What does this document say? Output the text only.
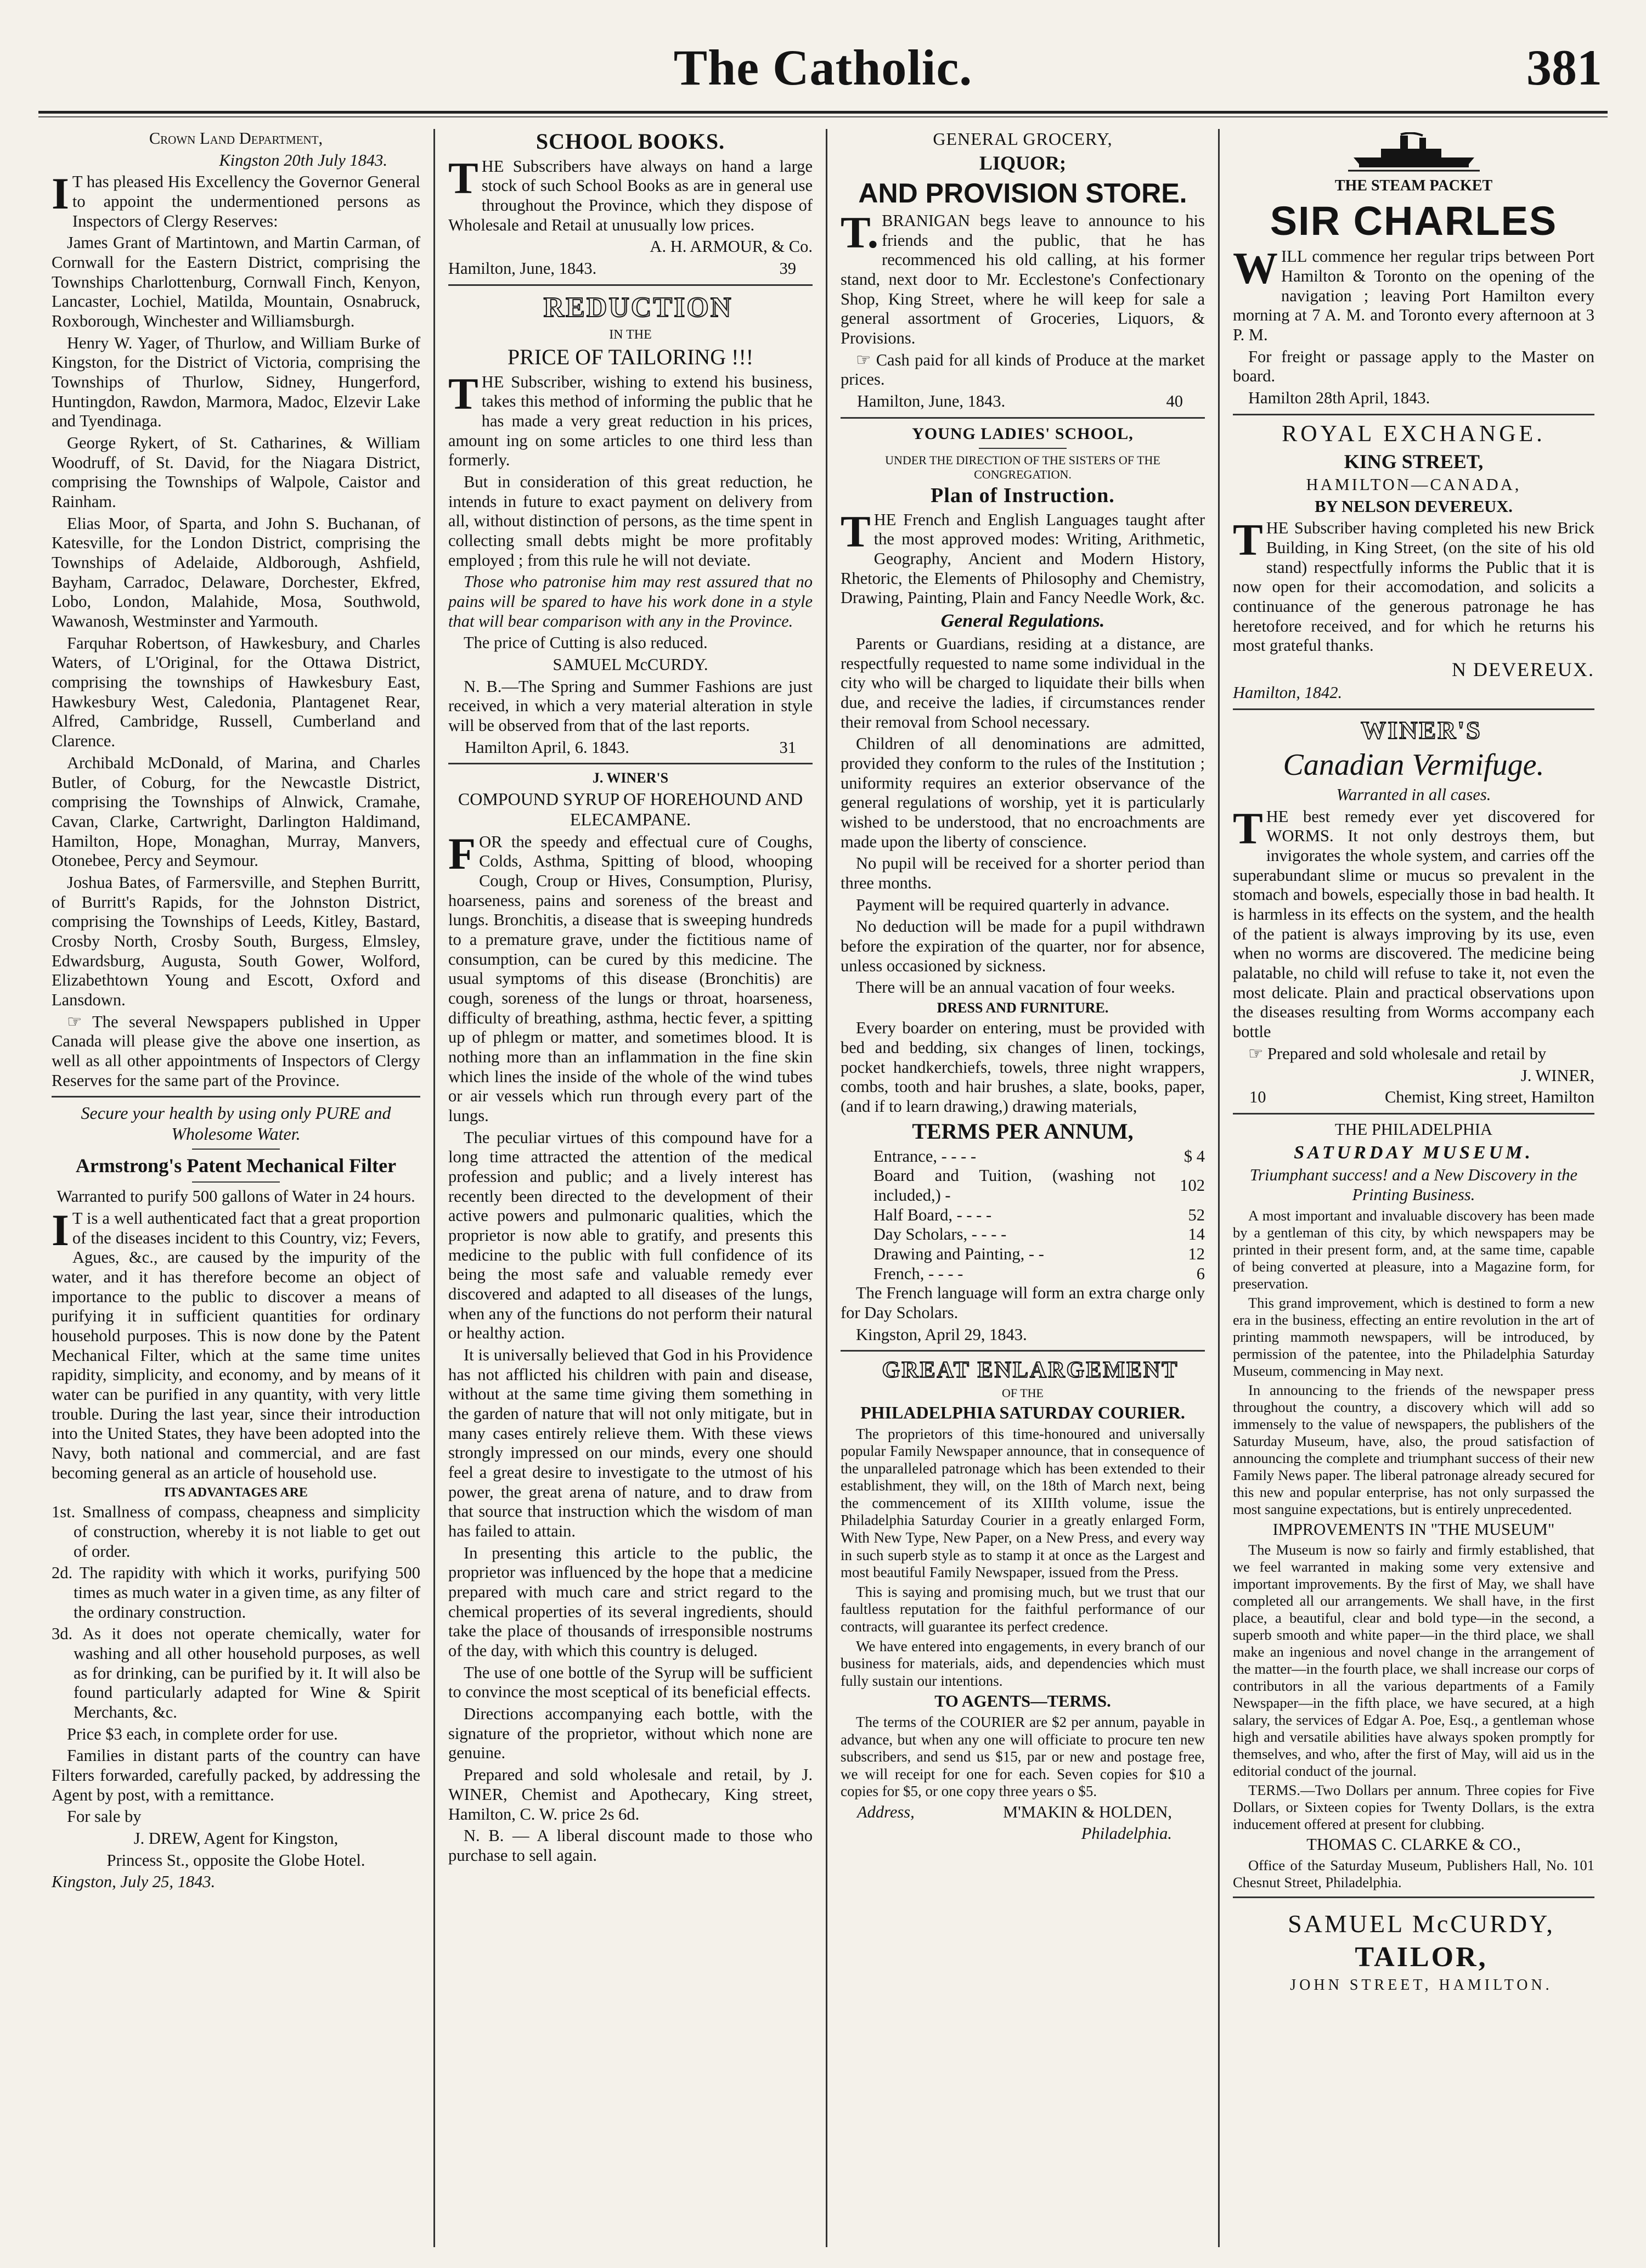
The Catholic.	381

Crown Land Department,

Kingston 20th July 1843.

IT has pleased His Excellency the Governor General to appoint the undermentioned persons as Inspectors of Clergy Reserves:

James Grant of Martintown, and Martin Carman, of Cornwall for the Eastern District, comprising the Townships Charlottenburg, Cornwall Finch, Kenyon, Lancaster, Lochiel, Matilda, Mountain, Osnabruck, Roxborough, Winchester and Williamsburgh.

Henry W. Yager, of Thurlow, and William Burke of Kingston, for the District of Victoria, comprising the Townships of Thurlow, Sidney, Hungerford, Huntingdon, Rawdon, Marmora, Madoc, Elzevir Lake and Tyendinaga.

George Rykert, of St. Catharines, & William Woodruff, of St. David, for the Niagara District, comprising the Townships of Walpole, Caistor and Rainham.

Elias Moor, of Sparta, and John S. Buchanan, of Katesville, for the London District, comprising the Townships of Adelaide, Aldborough, Ashfield, Bayham, Carradoc, Delaware, Dorchester, Ekfred, Lobo, London, Malahide, Mosa, Southwold, Wawanosh, Westminster and Yarmouth.

Farquhar Robertson, of Hawkesbury, and Charles Waters, of L'Original, for the Ottawa District, comprising the townships of Hawkesbury East, Hawkesbury West, Caledonia, Plantagenet Rear, Alfred, Cambridge, Russell, Cumberland and Clarence.

Archibald McDonald, of Marina, and Charles Butler, of Coburg, for the Newcastle District, comprising the Townships of Alnwick, Cramahe, Cavan, Clarke, Cartwright, Darlington Haldimand, Hamilton, Hope, Monaghan, Murray, Manvers, Otonebee, Percy and Seymour.

Joshua Bates, of Farmersville, and Stephen Burritt, of Burritt's Rapids, for the Johnston District, comprising the Townships of Leeds, Kitley, Bastard, Crosby North, Crosby South, Burgess, Elmsley, Edwardsburg, Augusta, South Gower, Wolford, Elizabethtown Young and Escott, Oxford and Lansdown.

☞ The several Newspapers published in Upper Canada will please give the above one insertion, as well as all other appointments of Inspectors of Clergy Reserves for the same part of the Province.

Secure your health by using only PURE and Wholesome Water.

Armstrong's Patent Mechanical Filter

Warranted to purify 500 gallons of Water in 24 hours.

IT is a well authenticated fact that a great proportion of the diseases incident to this Country, viz; Fevers, Agues, &c., are caused by the impurity of the water, and it has therefore become an object of importance to the public to discover a means of purifying it in sufficient quantities for ordinary household purposes. This is now done by the Patent Mechanical Filter, which at the same time unites rapidity, simplicity, and economy, and by means of it water can be purified in any quantity, with very little trouble. During the last year, since their introduction into the United States, they have been adopted into the Navy, both national and commercial, and are fast becoming general as an article of household use.

ITS ADVANTAGES ARE

1st. Smallness of compass, cheapness and simplicity of construction, whereby it is not liable to get out of order.

2d. The rapidity with which it works, purifying 500 times as much water in a given time, as any filter of the ordinary construction.

3d. As it does not operate chemically, water for washing and all other household purposes, as well as for drinking, can be purified by it. It will also be found particularly adapted for Wine & Spirit Merchants, &c.

Price $3 each, in complete order for use.

Families in distant parts of the country can have Filters forwarded, carefully packed, by addressing the Agent by post, with a remittance.

For sale by

J. DREW, Agent for Kingston,

Princess St., opposite the Globe Hotel.

Kingston, July 25, 1843.

SCHOOL BOOKS.

THE Subscribers have always on hand a large stock of such School Books as are in general use throughout the Province, which they dispose of Wholesale and Retail at unusually low prices.

A. H. ARMOUR, & Co.

Hamilton, June, 1843.	39

REDUCTION

IN THE

PRICE OF TAILORING !!!

THE Subscriber, wishing to extend his business, takes this method of informing the public that he has made a very great reduction in his prices, amount ing on some articles to one third less than formerly.

But in consideration of this great reduction, he intends in future to exact payment on delivery from all, without distinction of persons, as the time spent in collecting small debts might be more profitably employed ; from this rule he will not deviate.

Those who patronise him may rest assured that no pains will be spared to have his work done in a style that will bear comparison with any in the Province.

The price of Cutting is also reduced.

SAMUEL McCURDY.

N. B.—The Spring and Summer Fashions are just received, in which a very material alteration in style will be observed from that of the last reports.

Hamilton April, 6. 1843.	31

J. WINER'S

COMPOUND SYRUP OF HOREHOUND AND ELECAMPANE.

FOR the speedy and effectual cure of Coughs, Colds, Asthma, Spitting of blood, whooping Cough, Croup or Hives, Consumption, Plurisy, hoarseness, pains and soreness of the breast and lungs. Bronchitis, a disease that is sweeping hundreds to a premature grave, under the fictitious name of consumption, can be cured by this medicine. The usual symptoms of this disease (Bronchitis) are cough, soreness of the lungs or throat, hoarseness, difficulty of breathing, asthma, hectic fever, a spitting up of phlegm or matter, and sometimes blood. It is nothing more than an inflammation in the fine skin which lines the inside of the whole of the wind tubes or air vessels which run through every part of the lungs.

The peculiar virtues of this compound have for a long time attracted the attention of the medical profession and public; and a lively interest has recently been directed to the development of their active powers and pulmonaric qualities, which the proprietor is now able to gratify, and presents this medicine to the public with full confidence of its being the most safe and valuable remedy ever discovered and adapted to all diseases of the lungs, when any of the functions do not perform their natural or healthy action.

It is universally believed that God in his Providence has not afflicted his children with pain and disease, without at the same time giving them something in the garden of nature that will not only mitigate, but in many cases entirely relieve them. With these views strongly impressed on our minds, every one should feel a great desire to investigate to the utmost of his power, the great arena of nature, and to draw from that source that instruction which the wisdom of man has failed to attain.

In presenting this article to the public, the proprietor was influenced by the hope that a medicine prepared with much care and strict regard to the chemical properties of its several ingredients, should take the place of thousands of irresponsible nostrums of the day, with which this country is deluged.

The use of one bottle of the Syrup will be sufficient to convince the most sceptical of its beneficial effects.

Directions accompanying each bottle, with the signature of the proprietor, without which none are genuine.

Prepared and sold wholesale and retail, by J. WINER, Chemist and Apothecary, King street, Hamilton, C. W. price 2s 6d.

N. B. — A liberal discount made to those who purchase to sell again.

GENERAL GROCERY,

LIQUOR;

AND PROVISION STORE.

T.BRANIGAN begs leave to announce to his friends and the public, that he has recommenced his old calling, at his former stand, next door to Mr. Ecclestone's Confectionary Shop, King Street, where he will keep for sale a general assortment of Groceries, Liquors, & Provisions.

☞ Cash paid for all kinds of Produce at the market prices.

Hamilton, June, 1843.	40

YOUNG LADIES' SCHOOL,

UNDER THE DIRECTION OF THE SISTERS OF THE CONGREGATION.

Plan of Instruction.

THE French and English Languages taught after the most approved modes: Writing, Arithmetic, Geography, Ancient and Modern History, Rhetoric, the Elements of Philosophy and Chemistry, Drawing, Painting, Plain and Fancy Needle Work, &c.

General Regulations.

Parents or Guardians, residing at a distance, are respectfully requested to name some individual in the city who will be charged to liquidate their bills when due, and receive the ladies, if circumstances render their removal from School necessary.

Children of all denominations are admitted, provided they conform to the rules of the Institution ; uniformity requires an exterior observance of the general regulations of worship, yet it is particularly wished to be understood, that no encroachments are made upon the liberty of conscience.

No pupil will be received for a shorter period than three months.

Payment will be required quarterly in advance.

No deduction will be made for a pupil withdrawn before the expiration of the quarter, nor for absence, unless occasioned by sickness.

There will be an annual vacation of four weeks.

DRESS AND FURNITURE.

Every boarder on entering, must be provided with bed and bedding, six changes of linen, tockings, pocket handkerchiefs, towels, three night wrappers, combs, tooth and hair brushes, a slate, books, paper, (and if to learn drawing,) drawing materials,

TERMS PER ANNUM,

Entrance, - - - -	$ 4
Board and Tuition, (washing not included,) -	102
Half Board, - - - -	52
Day Scholars, - - - -	14
Drawing and Painting, - -	12
French, - - - -	6

The French language will form an extra charge only for Day Scholars.

Kingston, April 29, 1843.

GREAT ENLARGEMENT

OF THE

PHILADELPHIA SATURDAY COURIER.

The proprietors of this time-honoured and universally popular Family Newspaper announce, that in consequence of the unparalleled patronage which has been extended to their establishment, they will, on the 18th of March next, being the commencement of its XIIIth volume, issue the Philadelphia Saturday Courier in a greatly enlarged Form, With New Type, New Paper, on a New Press, and every way in such superb style as to stamp it at once as the Largest and most beautiful Family Newspaper, issued from the Press.

This is saying and promising much, but we trust that our faultless reputation for the faithful performance of our contracts, will guarantee its perfect credence.

We have entered into engagements, in every branch of our business for materials, aids, and dependencies which must fully sustain our intentions.

TO AGENTS—TERMS.

The terms of the COURIER are $2 per annum, payable in advance, but when any one will officiate to procure ten new subscribers, and send us $15, par or new and postage free, we will receipt for one for each. Seven copies for $10 a copies for $5, or one copy three years o $5.

Address,	M'MAKIN & HOLDEN,

Philadelphia.

THE STEAM PACKET

SIR CHARLES

WILL commence her regular trips between Port Hamilton & Toronto on the opening of the navigation ; leaving Port Hamilton every morning at 7 A. M. and Toronto every afternoon at 3 P. M.

For freight or passage apply to the Master on board.

Hamilton 28th April, 1843.

ROYAL EXCHANGE.

KING STREET,

HAMILTON—CANADA,

BY NELSON DEVEREUX.

THE Subscriber having completed his new Brick Building, in King Street, (on the site of his old stand) respectfully informs the Public that it is now open for their accomodation, and solicits a continuance of the generous patronage he has heretofore received, and for which he returns his most grateful thanks.

N DEVEREUX.

Hamilton, 1842.

WINER'S

Canadian Vermifuge.

Warranted in all cases.

THE best remedy ever yet discovered for WORMS. It not only destroys them, but invigorates the whole system, and carries off the superabundant slime or mucus so prevalent in the stomach and bowels, especially those in bad health. It is harmless in its effects on the system, and the health of the patient is always improving by its use, even when no worms are discovered. The medicine being palatable, no child will refuse to take it, not even the most delicate. Plain and practical observations upon the diseases resulting from Worms accompany each bottle

☞ Prepared and sold wholesale and retail by

J. WINER,

10	Chemist, King street, Hamilton

THE PHILADELPHIA

SATURDAY MUSEUM.

Triumphant success! and a New Discovery in the Printing Business.

A most important and invaluable discovery has been made by a gentleman of this city, by which newspapers may be printed in their present form, and, at the same time, capable of being converted at pleasure, into a Magazine form, for preservation.

This grand improvement, which is destined to form a new era in the business, effecting an entire revolution in the art of printing mammoth newspapers, will be introduced, by permission of the patentee, into the Philadelphia Saturday Museum, commencing in May next.

In announcing to the friends of the newspaper press throughout the country, a discovery which will add so immensely to the value of newspapers, the publishers of the Saturday Museum, have, also, the proud satisfaction of announcing the complete and triumphant success of their new Family News paper. The liberal patronage already secured for this new and popular enterprise, has not only surpassed the most sanguine expectations, but is entirely unprecedented.

IMPROVEMENTS IN "THE MUSEUM"

The Museum is now so fairly and firmly established, that we feel warranted in making some very extensive and important improvements. By the first of May, we shall have completed all our arrangements. We shall have, in the first place, a beautiful, clear and bold type—in the second, a superb smooth and white paper—in the third place, we shall make an ingenious and novel change in the arrangement of the matter—in the fourth place, we shall increase our corps of contributors in all the various departments of a Family Newspaper—in the fifth place, we have secured, at a high salary, the services of Edgar A. Poe, Esq., a gentleman whose high and versatile abilities have always spoken promptly for themselves, and who, after the first of May, will aid us in the editorial conduct of the journal.

TERMS.—Two Dollars per annum. Three copies for Five Dollars, or Sixteen copies for Twenty Dollars, is the extra inducement offered at present for clubbing.

THOMAS C. CLARKE & CO.,

Office of the Saturday Museum, Publishers Hall, No. 101 Chesnut Street, Philadelphia.

SAMUEL McCURDY,

TAILOR,

JOHN STREET, HAMILTON.
